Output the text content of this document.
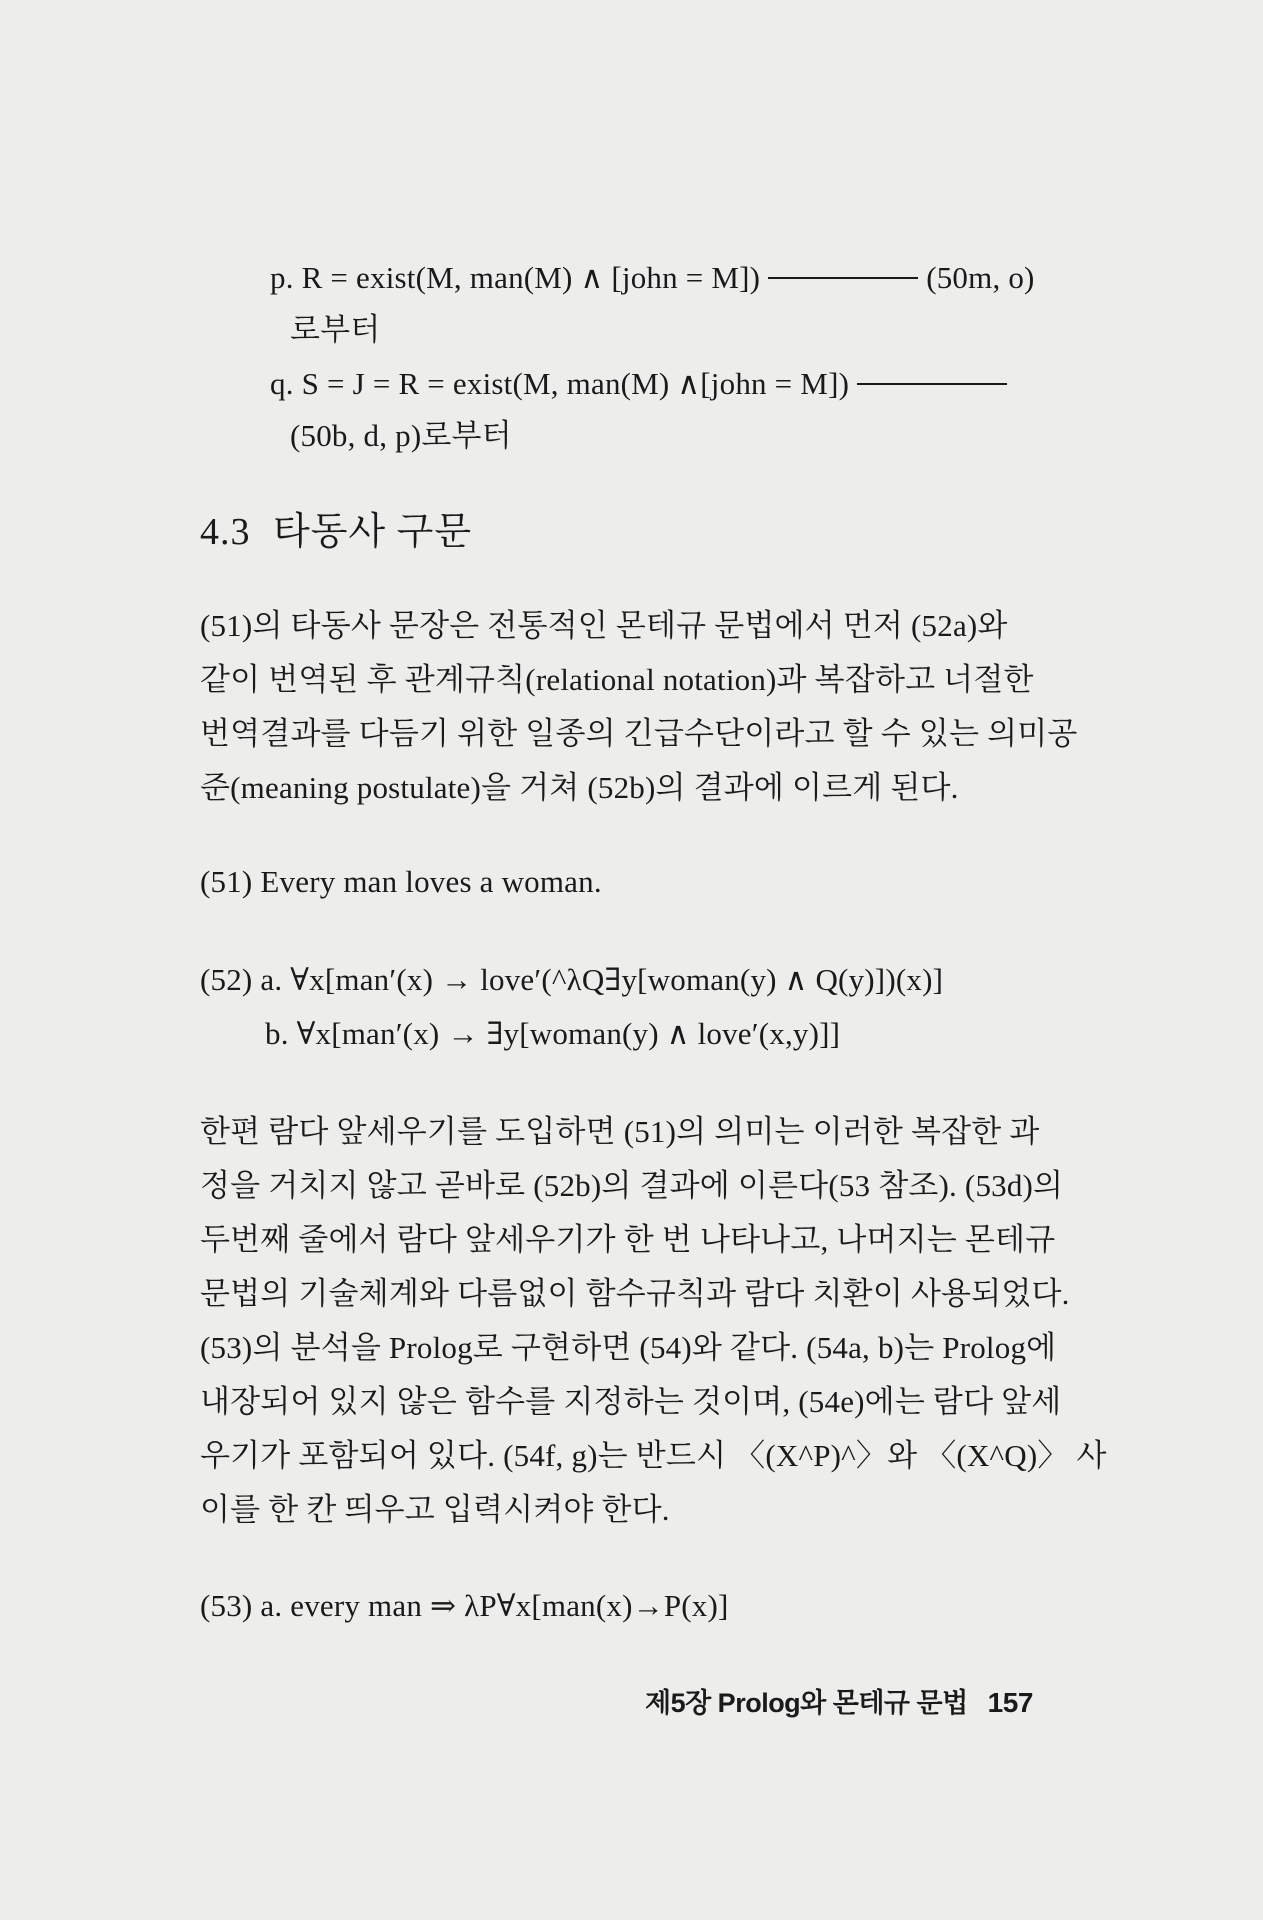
p. R = exist(M, man(M) ∧ [john = M])	(50m, o)
로부터
q. S = J = R = exist(M, man(M) ∧[john = M])
(50b, d, p)로부터
4.3 타동사 구문
(51)의 타동사 문장은 전통적인 몬테규 문법에서 먼저 (52a)와
같이 번역된 후 관계규칙(relational notation)과 복잡하고 너절한
번역결과를 다듬기 위한 일종의 긴급수단이라고 할 수 있는 의미공
준(meaning postulate)을 거쳐 (52b)의 결과에 이르게 된다.
(51) Every man loves a woman.
(52) a. ∀x[man′(x) → love′(^λQ∃y[woman(y) ∧ Q(y)])(x)]
b. ∀x[man′(x) → ∃y[woman(y) ∧ love′(x,y)]]
한편 람다 앞세우기를 도입하면 (51)의 의미는 이러한 복잡한 과
정을 거치지 않고 곧바로 (52b)의 결과에 이른다(53 참조). (53d)의
두번째 줄에서 람다 앞세우기가 한 번 나타나고, 나머지는 몬테규
문법의 기술체계와 다름없이 함수규칙과 람다 치환이 사용되었다.
(53)의 분석을 Prolog로 구현하면 (54)와 같다. (54a, b)는 Prolog에
내장되어 있지 않은 함수를 지정하는 것이며, (54e)에는 람다 앞세
우기가 포함되어 있다. (54f, g)는 반드시 〈(X^P)^〉와 〈(X^Q)〉 사
이를 한 칸 띄우고 입력시켜야 한다.
(53) a. every man ⇒ λP∀x[man(x)→P(x)]
제5장 Prolog와 몬테규 문법 157
